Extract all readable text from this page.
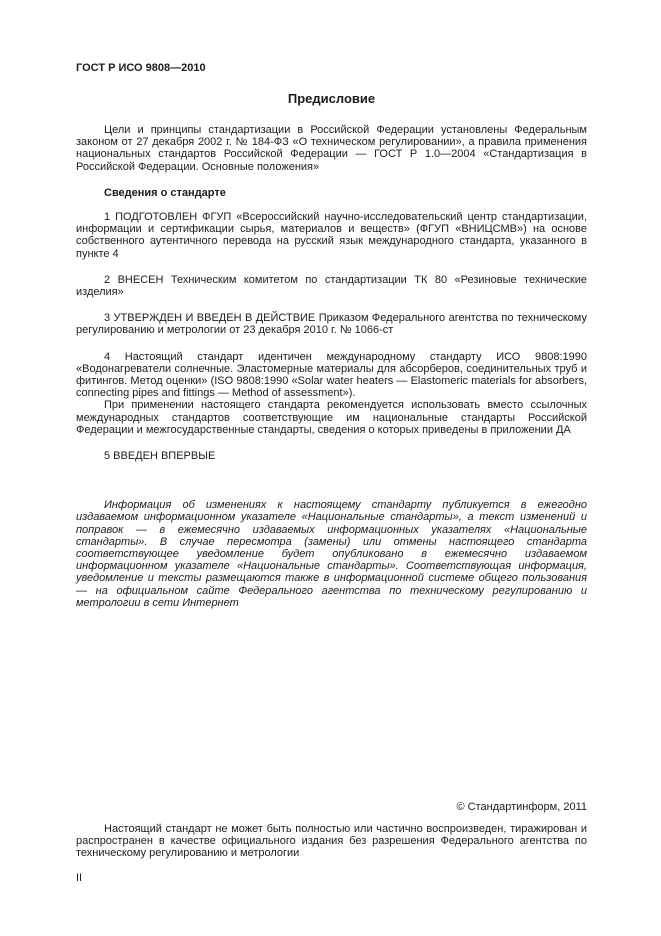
ГОСТ Р ИСО 9808—2010
Предисловие

Цели и принципы стандартизации в Российской Федерации установлены Федеральным законом от 27 декабря 2002 г. № 184-ФЗ «О техническом регулировании», а правила применения национальных стандартов Российской Федерации — ГОСТ Р 1.0—2004 «Стандартизация в Российской Федерации. Основные положения»

Сведения о стандарте

1 ПОДГОТОВЛЕН ФГУП «Всероссийский научно-исследовательский центр стандартизации, информации и сертификации сырья, материалов и веществ» (ФГУП «ВНИЦСМВ») на основе собственного аутентичного перевода на русский язык международного стандарта, указанного в пункте 4

2 ВНЕСЕН Техническим комитетом по стандартизации ТК 80 «Резиновые технические изделия»

3 УТВЕРЖДЕН И ВВЕДЕН В ДЕЙСТВИЕ Приказом Федерального агентства по техническому регулированию и метрологии от 23 декабря 2010 г. № 1066-ст

4 Настоящий стандарт идентичен международному стандарту ИСО 9808:1990 «Водонагреватели солнечные. Эластомерные материалы для абсорберов, соединительных труб и фитингов. Метод оценки» (ISO 9808:1990 «Solar water heaters — Elastomeric materials for absorbers, connecting pipes and fittings — Method of assessment»).

При применении настоящего стандарта рекомендуется использовать вместо ссылочных международных стандартов соответствующие им национальные стандарты Российской Федерации и межгосударственные стандарты, сведения о которых приведены в приложении ДА

5 ВВЕДЕН ВПЕРВЫЕ

Информация об изменениях к настоящему стандарту публикуется в ежегодно издаваемом информационном указателе «Национальные стандарты», а текст изменений и поправок — в ежемесячно издаваемых информационных указателях «Национальные стандарты». В случае пересмотра (замены) или отмены настоящего стандарта соответствующее уведомление будет опубликовано в ежемесячно издаваемом информационном указателе «Национальные стандарты». Соответствующая информация, уведомление и тексты размещаются также в информационной системе общего пользования — на официальном сайте Федерального агентства по техническому регулированию и метрологии в сети Интернет

© Стандартинформ, 2011

Настоящий стандарт не может быть полностью или частично воспроизведен, тиражирован и распространен в качестве официального издания без разрешения Федерального агентства по техническому регулированию и метрологии

II
